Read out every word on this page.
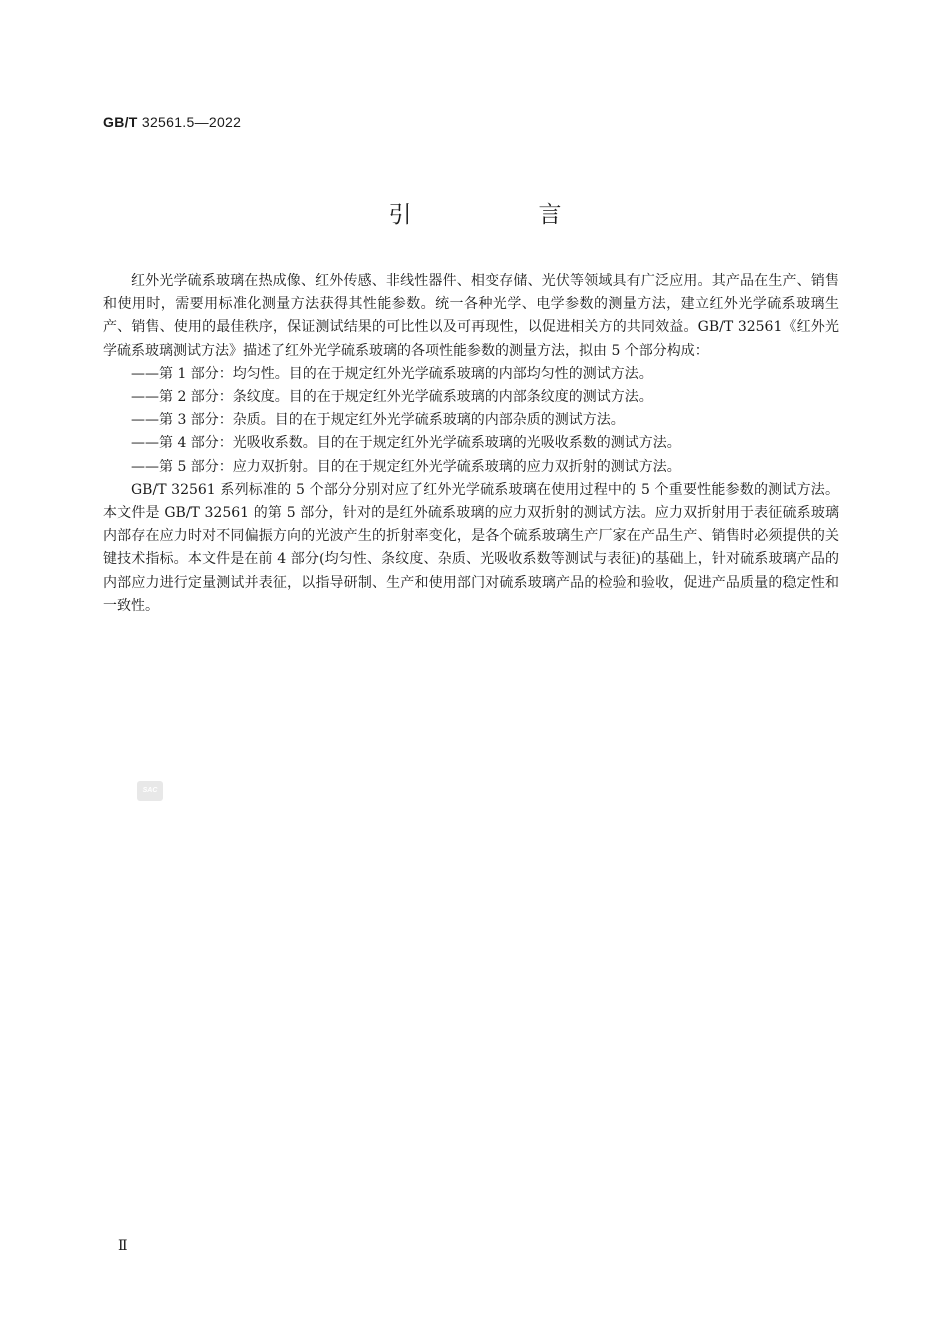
GB/T 32561.5—2022
引　言

红外光学硫系玻璃在热成像、红外传感、非线性器件、相变存储、光伏等领域具有广泛应用。其产品在生产、销售和使用时，需要用标准化测量方法获得其性能参数。统一各种光学、电学参数的测量方法，建立红外光学硫系玻璃生产、销售、使用的最佳秩序，保证测试结果的可比性以及可再现性，以促进相关方的共同效益。GB/T 32561《红外光学硫系玻璃测试方法》描述了红外光学硫系玻璃的各项性能参数的测量方法，拟由 5 个部分构成：

——第 1 部分：均匀性。目的在于规定红外光学硫系玻璃的内部均匀性的测试方法。

——第 2 部分：条纹度。目的在于规定红外光学硫系玻璃的内部条纹度的测试方法。

——第 3 部分：杂质。目的在于规定红外光学硫系玻璃的内部杂质的测试方法。

——第 4 部分：光吸收系数。目的在于规定红外光学硫系玻璃的光吸收系数的测试方法。

——第 5 部分：应力双折射。目的在于规定红外光学硫系玻璃的应力双折射的测试方法。

GB/T 32561 系列标准的 5 个部分分别对应了红外光学硫系玻璃在使用过程中的 5 个重要性能参数的测试方法。本文件是 GB/T 32561 的第 5 部分，针对的是红外硫系玻璃的应力双折射的测试方法。应力双折射用于表征硫系玻璃内部存在应力时对不同偏振方向的光波产生的折射率变化，是各个硫系玻璃生产厂家在产品生产、销售时必须提供的关键技术指标。本文件是在前 4 部分(均匀性、条纹度、杂质、光吸收系数等测试与表征)的基础上，针对硫系玻璃产品的内部应力进行定量测试并表征，以指导研制、生产和使用部门对硫系玻璃产品的检验和验收，促进产品质量的稳定性和一致性。

SAC
Ⅱ
